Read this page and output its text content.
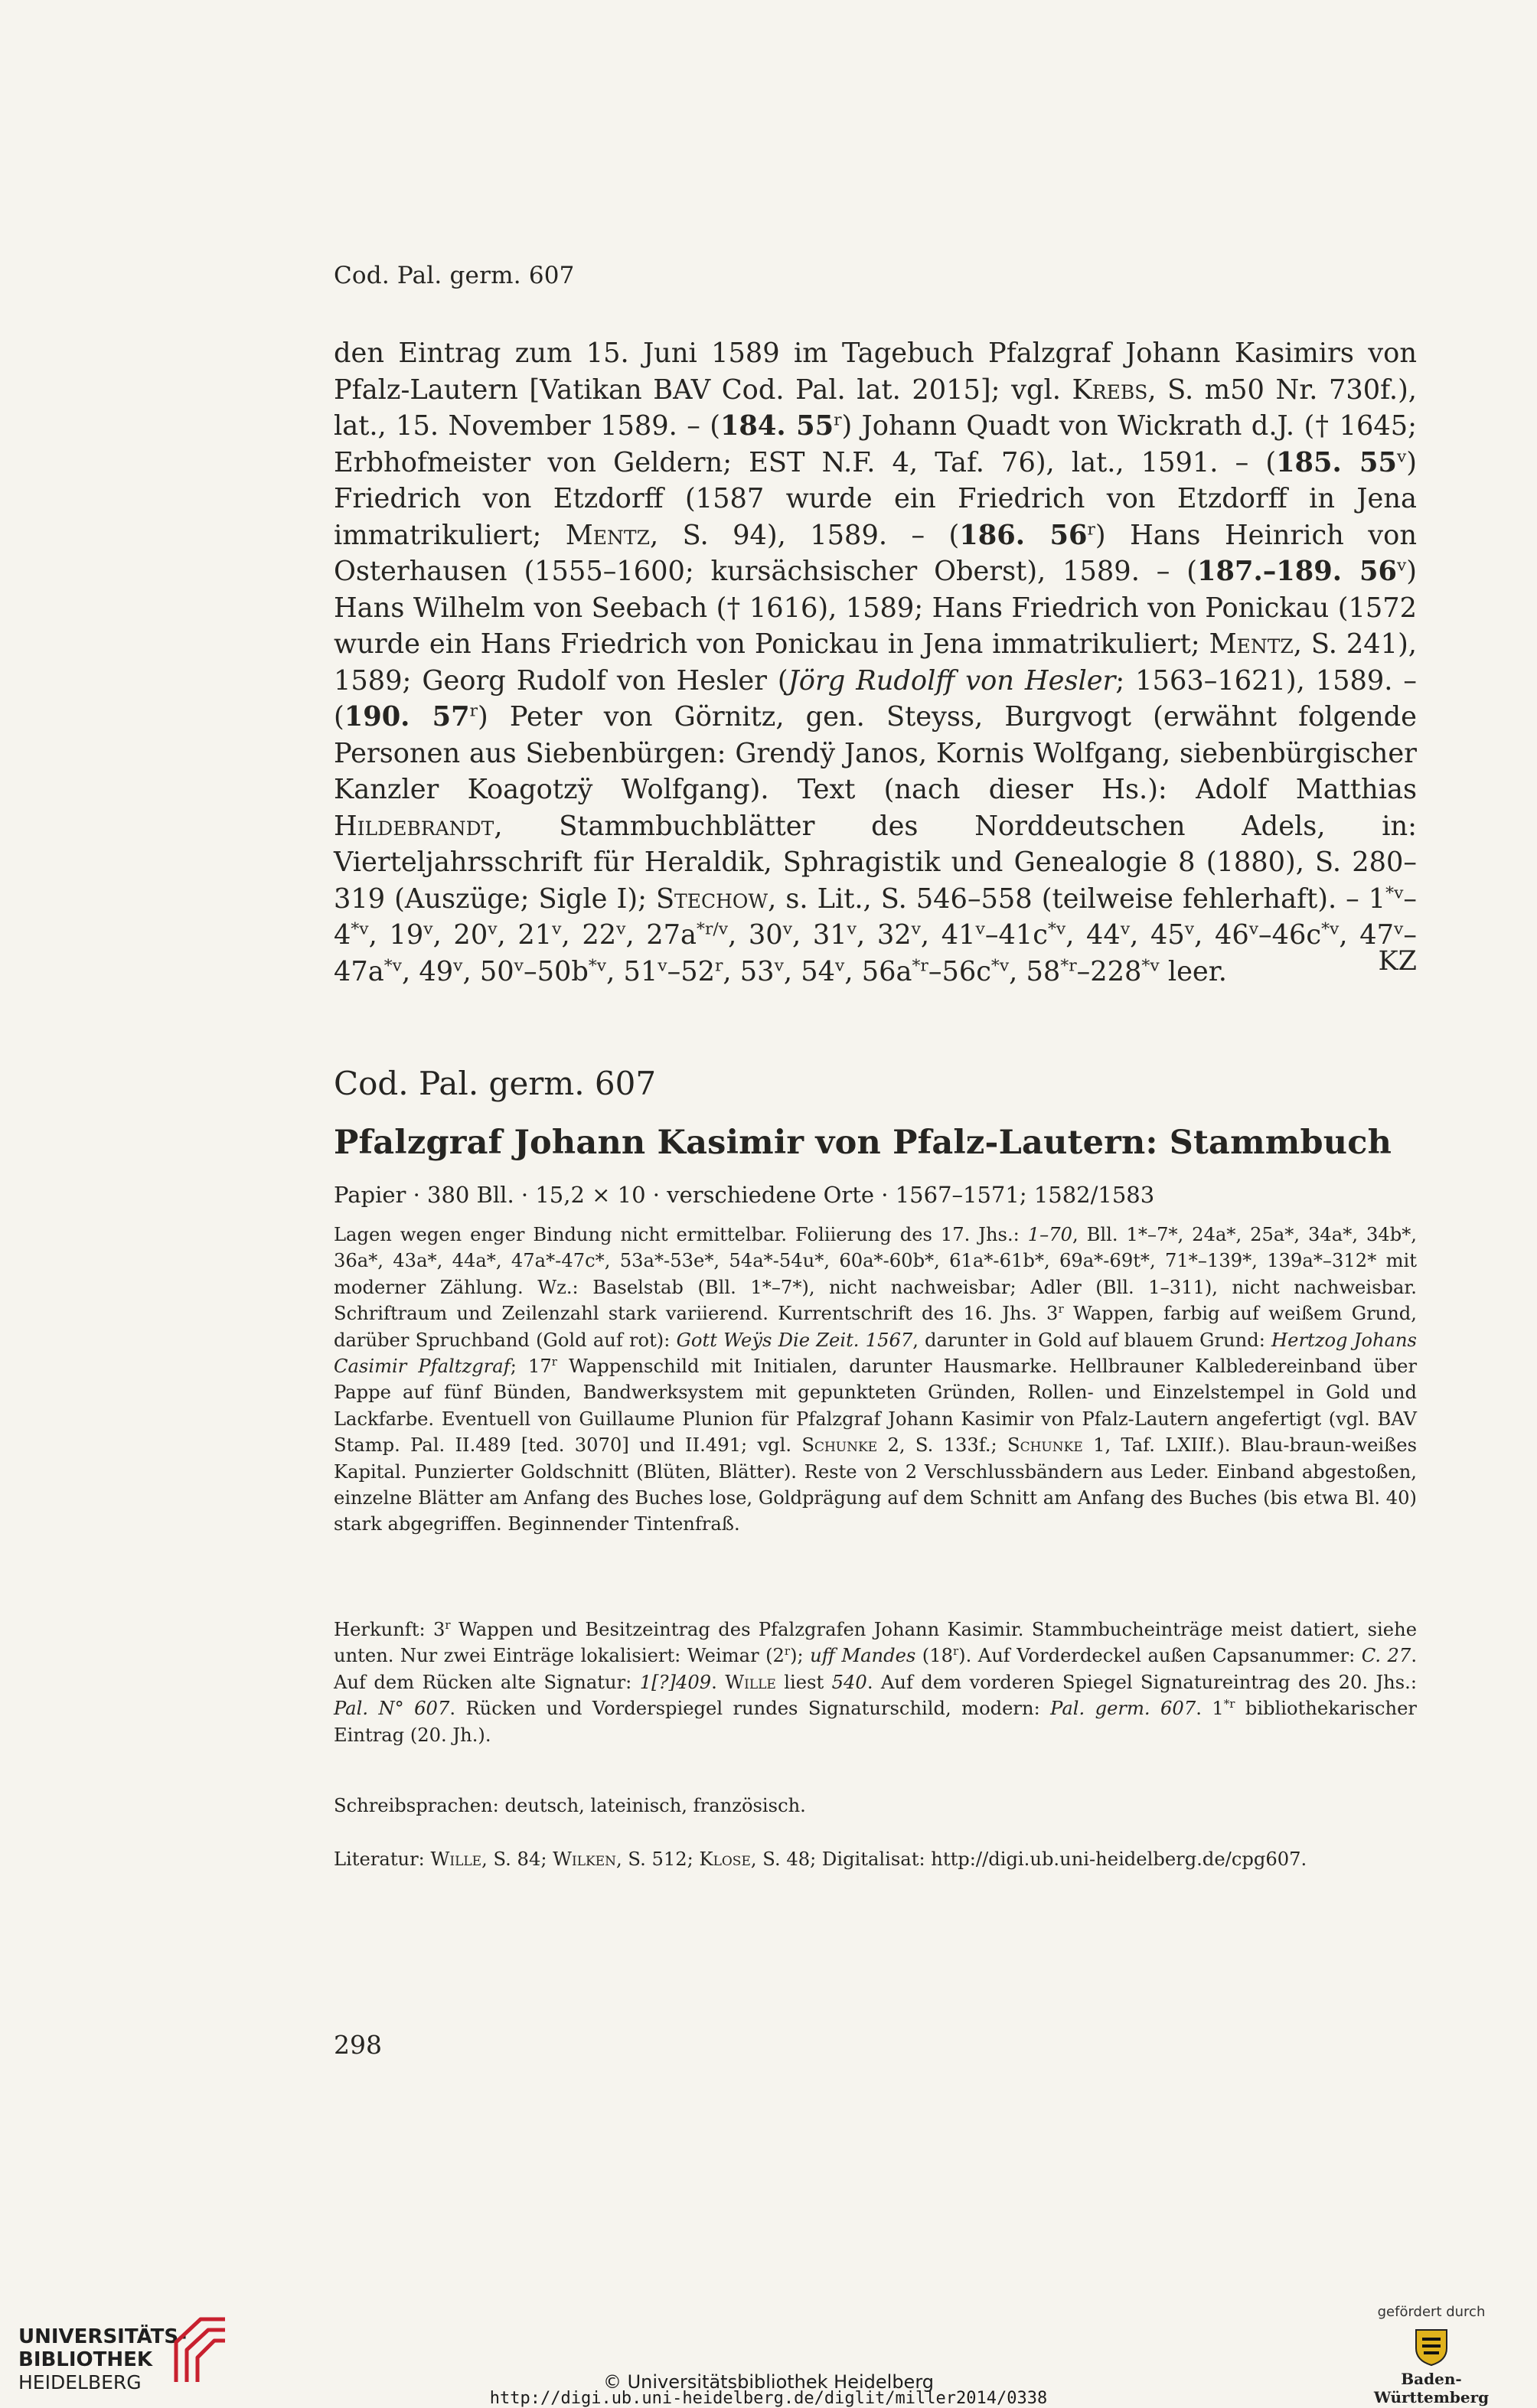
Cod. Pal. germ. 607

den Eintrag zum 15. Juni 1589 im Tagebuch Pfalzgraf Johann Kasimirs von Pfalz-Lautern [Vatikan BAV Cod. Pal. lat. 2015]; vgl. Krebs, S. m50 Nr. 730f.), lat., 15. November 1589. – (184. 55$^r$) Johann Quadt von Wickrath d.J. († 1645; Erbhofmeister von Geldern; EST N.F. 4, Taf. 76), lat., 1591. – (185. 55$^v$) Friedrich von Etzdorff (1587 wurde ein Friedrich von Etzdorff in Jena immatrikuliert; Mentz, S. 94), 1589. – (186. 56$^r$) Hans Heinrich von Osterhausen (1555–1600; kursächsischer Oberst), 1589. – (187.–189. 56$^v$) Hans Wilhelm von Seebach († 1616), 1589; Hans Friedrich von Ponickau (1572 wurde ein Hans Friedrich von Ponickau in Jena immatrikuliert; Mentz, S. 241), 1589; Georg Rudolf von Hesler (Jörg Rudolff von Hesler; 1563–1621), 1589. – (190. 57$^r$) Peter von Görnitz, gen. Steyss, Burgvogt (erwähnt folgende Personen aus Siebenbürgen: Grendÿ Janos, Kornis Wolfgang, siebenbürgischer Kanzler Koagotzÿ Wolfgang). Text (nach dieser Hs.): Adolf Matthias Hildebrandt, Stammbuchblätter des Norddeutschen Adels, in: Vierteljahrsschrift für Heraldik, Sphragistik und Genealogie 8 (1880), S. 280–319 (Auszüge; Sigle I); Stechow, s. Lit., S. 546–558 (teilweise fehlerhaft). – 1$^{*v}$–4$^{*v}$, 19$^v$, 20$^v$, 21$^v$, 22$^v$, $27a^{*r/v}$, 30$^v$, 31$^v$, 32$^v$, $41^v-41c^{*v}$, 44$^v$, 45$^v$, $46^v-46c^{*v}$, $47^v-47a^{*v}$, 49$^v$, $50^v-50b^{*v}$, 51$^v$–52$^r$, 53$^v$, 54$^v$, $56a^{*r}-56c^{*v}$, 58$^{*r}$–228$^{*v}$ leer.	KZ
Cod. Pal. germ. 607
Pfalzgraf Johann Kasimir von Pfalz-Lautern: Stammbuch
Papier · 380 Bll. · 15,2 × 10 · verschiedene Orte · 1567–1571; 1582/1583

Lagen wegen enger Bindung nicht ermittelbar. Foliierung des 17. Jhs.: 1–70, Bll. 1*–7*, 24a*, 25a*, 34a*, 34b*, 36a*, 43a*, 44a*, 47a*-47c*, 53a*-53e*, 54a*-54u*, 60a*-60b*, 61a*-61b*, 69a*-69t*, 71*–139*, 139a*–312* mit moderner Zählung. Wz.: Baselstab (Bll. 1*–7*), nicht nachweisbar; Adler (Bll. 1–311), nicht nachweisbar. Schriftraum und Zeilenzahl stark variierend. Kurrentschrift des 16. Jhs. 3$^r$ Wappen, farbig auf weißem Grund, darüber Spruchband (Gold auf rot): Gott Weÿs Die Zeit. 1567, darunter in Gold auf blauem Grund: Hertzog Johans Casimir Pfaltzgraf; 17$^r$ Wappenschild mit Initialen, darunter Hausmarke. Hellbrauner Kalbledereinband über Pappe auf fünf Bünden, Bandwerksystem mit gepunkteten Gründen, Rollen- und Einzelstempel in Gold und Lackfarbe. Eventuell von Guillaume Plunion für Pfalzgraf Johann Kasimir von Pfalz-Lautern angefertigt (vgl. BAV Stamp. Pal. II.489 [ted. 3070] und II.491; vgl. Schunke 2, S. 133f.; Schunke 1, Taf. LXIIf.). Blau-braun-weißes Kapital. Punzierter Goldschnitt (Blüten, Blätter). Reste von 2 Verschlussbändern aus Leder. Einband abgestoßen, einzelne Blätter am Anfang des Buches lose, Goldprägung auf dem Schnitt am Anfang des Buches (bis etwa Bl. 40) stark abgegriffen. Beginnender Tintenfraß.

Herkunft: 3$^r$ Wappen und Besitzeintrag des Pfalzgrafen Johann Kasimir. Stammbucheinträge meist datiert, siehe unten. Nur zwei Einträge lokalisiert: Weimar (2$^r$); uff Mandes (18$^r$). Auf Vorderdeckel außen Capsanummer: C. 27. Auf dem Rücken alte Signatur: 1[?]409. Wille liest 540. Auf dem vorderen Spiegel Signatureintrag des 20. Jhs.: Pal. N° 607. Rücken und Vorderspiegel rundes Signaturschild, modern: Pal. germ. 607. 1$^{*r}$ bibliothekarischer Eintrag (20. Jh.).

Schreibsprachen: deutsch, lateinisch, französisch.

Literatur: Wille, S. 84; Wilken, S. 512; Klose, S. 48; Digitalisat: http://digi.ub.uni-heidelberg.de/cpg607.

298
UNIVERSITÄTS-
BIBLIOTHEK
HEIDELBERG	© Universitätsbibliothek Heidelberg
http://digi.ub.uni-heidelberg.de/diglit/miller2014/0338
gefördert durch
Baden-Württemberg
